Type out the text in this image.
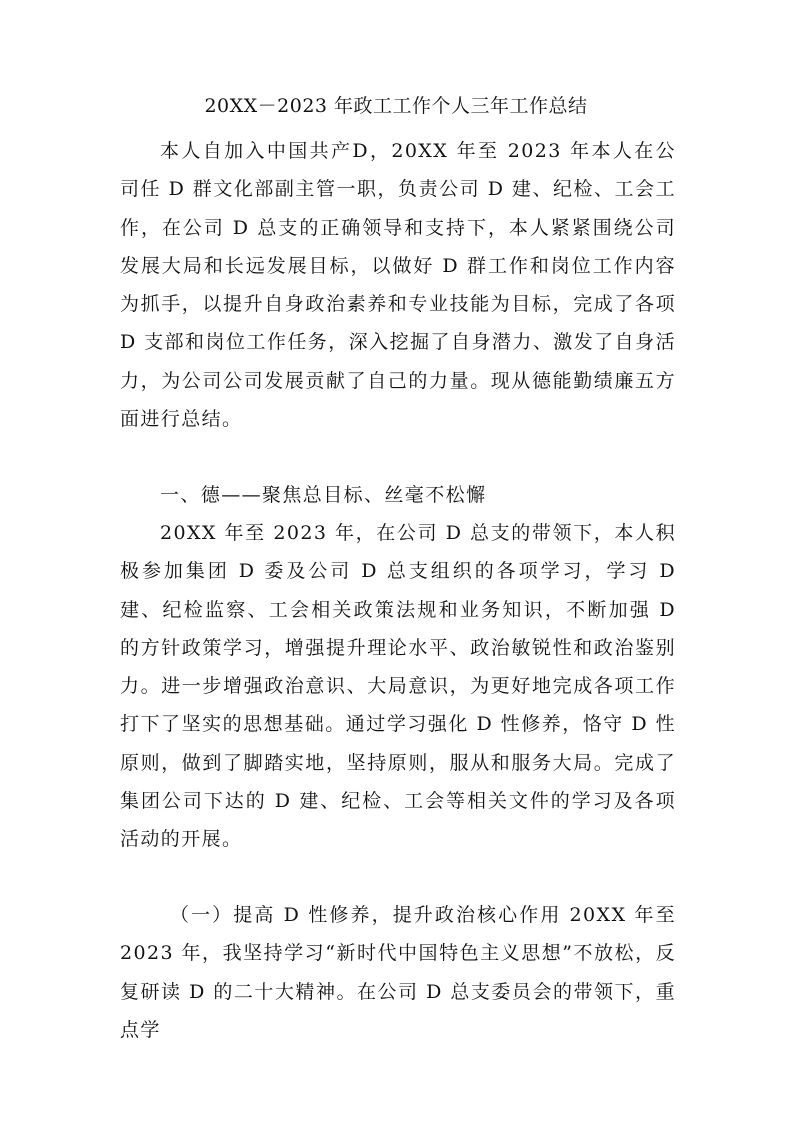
20XX－2023 年政工工作个人三年工作总结

本人自加入中国共产D，20XX 年至 2023 年本人在公司任 D 群文化部副主管一职，负责公司 D 建、纪检、工会工作，在公司 D 总支的正确领导和支持下，本人紧紧围绕公司发展大局和长远发展目标，以做好 D 群工作和岗位工作内容为抓手，以提升自身政治素养和专业技能为目标，完成了各项 D 支部和岗位工作任务，深入挖掘了自身潜力、激发了自身活力，为公司公司发展贡献了自己的力量。现从德能勤绩廉五方面进行总结。

一、德——聚焦总目标、丝毫不松懈

20XX 年至 2023 年，在公司 D 总支的带领下，本人积极参加集团 D 委及公司 D 总支组织的各项学习，学习 D 建、纪检监察、工会相关政策法规和业务知识，不断加强 D 的方针政策学习，增强提升理论水平、政治敏锐性和政治鉴别力。进一步增强政治意识、大局意识，为更好地完成各项工作打下了坚实的思想基础。通过学习强化 D 性修养，恪守 D 性原则，做到了脚踏实地，坚持原则，服从和服务大局。完成了集团公司下达的 D 建、纪检、工会等相关文件的学习及各项活动的开展。

（一）提高 D 性修养，提升政治核心作用 20XX 年至 2023 年，我坚持学习“新时代中国特色主义思想”不放松，反复研读 D 的二十大精神。在公司 D 总支委员会的带领下，重点学
